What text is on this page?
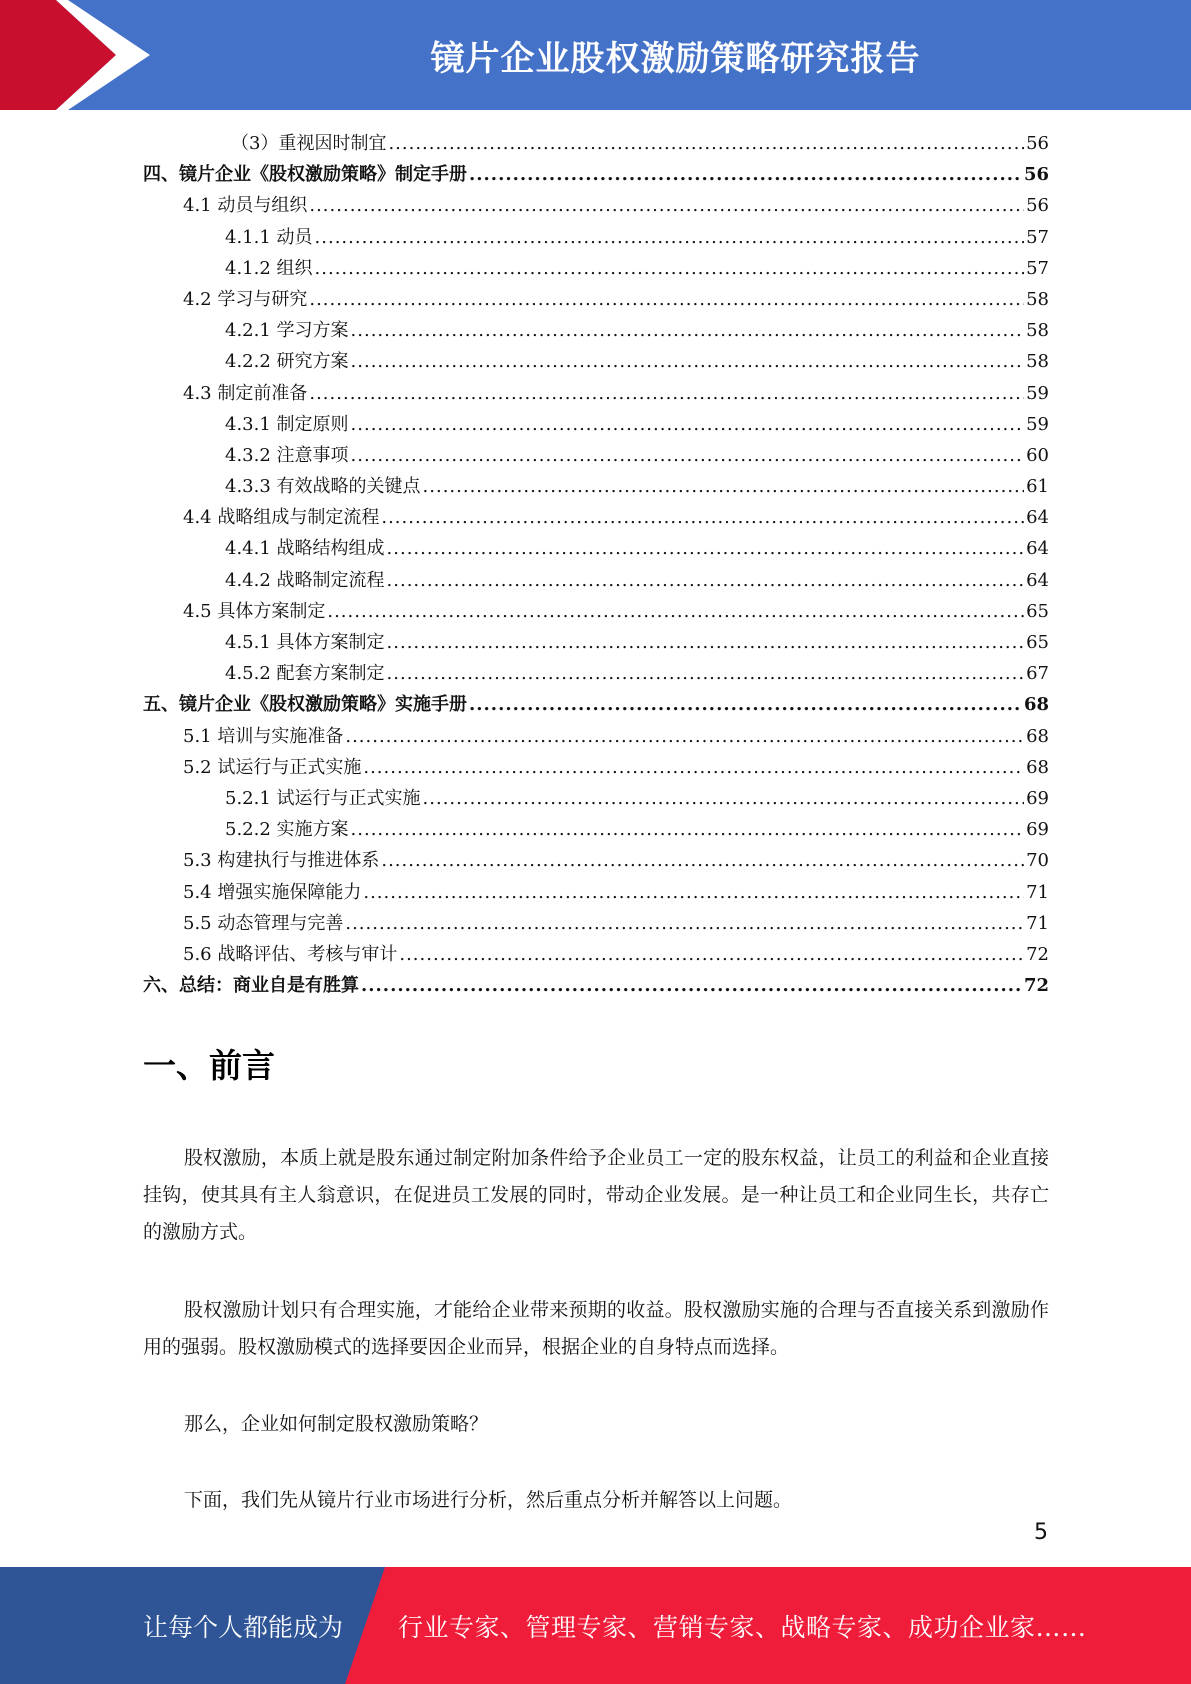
镜片企业股权激励策略研究报告
（3）重视因时制宜 .....	56
四、镜片企业《股权激励策略》制定手册 .....	56
4.1 动员与组织 .....	56
4.1.1 动员 .....	57
4.1.2 组织 .....	57
4.2 学习与研究 .....	58
4.2.1 学习方案 .....	58
4.2.2 研究方案 .....	58
4.3 制定前准备 .....	59
4.3.1 制定原则 .....	59
4.3.2 注意事项 .....	60
4.3.3 有效战略的关键点 .....	61
4.4 战略组成与制定流程 .....	64
4.4.1 战略结构组成 .....	64
4.4.2 战略制定流程 .....	64
4.5 具体方案制定 .....	65
4.5.1 具体方案制定 .....	65
4.5.2 配套方案制定 .....	67
五、镜片企业《股权激励策略》实施手册 .....	68
5.1 培训与实施准备 .....	68
5.2 试运行与正式实施 .....	68
5.2.1 试运行与正式实施 .....	69
5.2.2 实施方案 .....	69
5.3 构建执行与推进体系 .....	70
5.4 增强实施保障能力 .....	71
5.5 动态管理与完善 .....	71
5.6 战略评估、考核与审计 .....	72
六、总结：商业自是有胜算 .....	72
一、前言
股权激励，本质上就是股东通过制定附加条件给予企业员工一定的股东权益，让员工的利益和企业直接挂钩，使其具有主人翁意识，在促进员工发展的同时，带动企业发展。是一种让员工和企业同生长，共存亡的激励方式。
股权激励计划只有合理实施，才能给企业带来预期的收益。股权激励实施的合理与否直接关系到激励作用的强弱。股权激励模式的选择要因企业而异，根据企业的自身特点而选择。
那么，企业如何制定股权激励策略？
下面，我们先从镜片行业市场进行分析，然后重点分析并解答以上问题。
5
让每个人都能成为 行业专家、管理专家、营销专家、战略专家、成功企业家……
